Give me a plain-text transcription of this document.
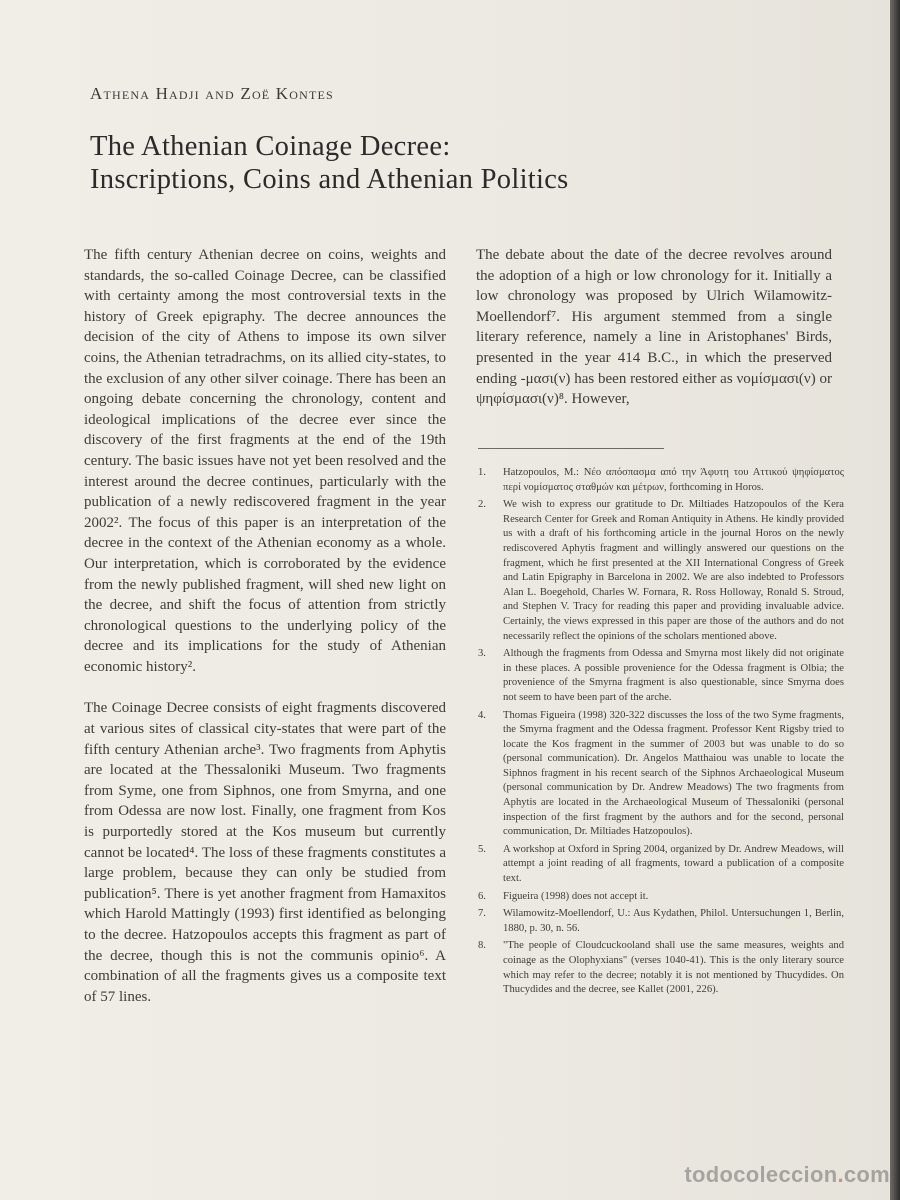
Athena Hadji and Zoë Kontes
The Athenian Coinage Decree:
Inscriptions, Coins and Athenian Politics

The fifth century Athenian decree on coins, weights and standards, the so-called Coinage Decree, can be classified with certainty among the most controversial texts in the history of Greek epigraphy. The decree announces the decision of the city of Athens to impose its own silver coins, the Athenian tetradrachms, on its allied city-states, to the exclusion of any other silver coinage. There has been an ongoing debate concerning the chronology, content and ideological implications of the decree ever since the discovery of the first fragments at the end of the 19th century. The basic issues have not yet been resolved and the interest around the decree continues, particularly with the publication of a newly rediscovered fragment in the year 2002². The focus of this paper is an interpretation of the decree in the context of the Athenian economy as a whole. Our interpretation, which is corroborated by the evidence from the newly published fragment, will shed new light on the decree, and shift the focus of attention from strictly chronological questions to the underlying policy of the decree and its implications for the study of Athenian economic history².

The Coinage Decree consists of eight fragments discovered at various sites of classical city-states that were part of the fifth century Athenian arche³. Two fragments from Aphytis are located at the Thessaloniki Museum. Two fragments from Syme, one from Siphnos, one from Smyrna, and one from Odessa are now lost. Finally, one fragment from Kos is purportedly stored at the Kos museum but currently cannot be located⁴. The loss of these fragments constitutes a large problem, because they can only be studied from publication⁵. There is yet another fragment from Hamaxitos which Harold Mattingly (1993) first identified as belonging to the decree. Hatzopoulos accepts this fragment as part of the decree, though this is not the communis opinio⁶. A combination of all the fragments gives us a composite text of 57 lines.

The debate about the date of the decree revolves around the adoption of a high or low chronology for it. Initially a low chronology was proposed by Ulrich Wilamowitz-Moellendorf⁷. His argument stemmed from a single literary reference, namely a line in Aristophanes' Birds, presented in the year 414 B.C., in which the preserved ending -μασι(ν) has been restored either as νομίσμασι(ν) or ψηφίσμασι(ν)⁸. However,

1. Hatzopoulos, M.: Νέο απόσπασμα από την Άφυτη του Αττικού ψηφίσματος περί νομίσματος σταθμών και μέτρων, forthcoming in Horos.
2. We wish to express our gratitude to Dr. Miltiades Hatzopoulos of the Kera Research Center for Greek and Roman Antiquity in Athens. He kindly provided us with a draft of his forthcoming article in the journal Horos on the newly rediscovered Aphytis fragment and willingly answered our questions on the fragment, which he first presented at the XII International Congress of Greek and Latin Epigraphy in Barcelona in 2002. We are also indebted to Professors Alan L. Boegehold, Charles W. Fornara, R. Ross Holloway, Ronald S. Stroud, and Stephen V. Tracy for reading this paper and providing invaluable advice. Certainly, the views expressed in this paper are those of the authors and do not necessarily reflect the opinions of the scholars mentioned above.
3. Although the fragments from Odessa and Smyrna most likely did not originate in these places. A possible provenience for the Odessa fragment is Olbia; the provenience of the Smyrna fragment is also questionable, since Smyrna does not seem to have been part of the arche.
4. Thomas Figueira (1998) 320-322 discusses the loss of the two Syme fragments, the Smyrna fragment and the Odessa fragment. Professor Kent Rigsby tried to locate the Kos fragment in the summer of 2003 but was unable to do so (personal communication). Dr. Angelos Matthaiou was unable to locate the Siphnos fragment in his recent search of the Siphnos Archaeological Museum (personal communication by Dr. Andrew Meadows) The two fragments from Aphytis are located in the Archaeological Museum of Thessaloniki (personal inspection of the first fragment by the authors and for the second, personal communication, Dr. Miltiades Hatzopoulos).
5. A workshop at Oxford in Spring 2004, organized by Dr. Andrew Meadows, will attempt a joint reading of all fragments, toward a publication of a composite text.
6. Figueira (1998) does not accept it.
7. Wilamowitz-Moellendorf, U.: Aus Kydathen, Philol. Untersuchungen 1, Berlin, 1880, p. 30, n. 56.
8. "The people of Cloudcuckooland shall use the same measures, weights and coinage as the Olophyxians" (verses 1040-41). This is the only literary source which may refer to the decree; notably it is not mentioned by Thucydides. On Thucydides and the decree, see Kallet (2001, 226).
todocoleccion.com
